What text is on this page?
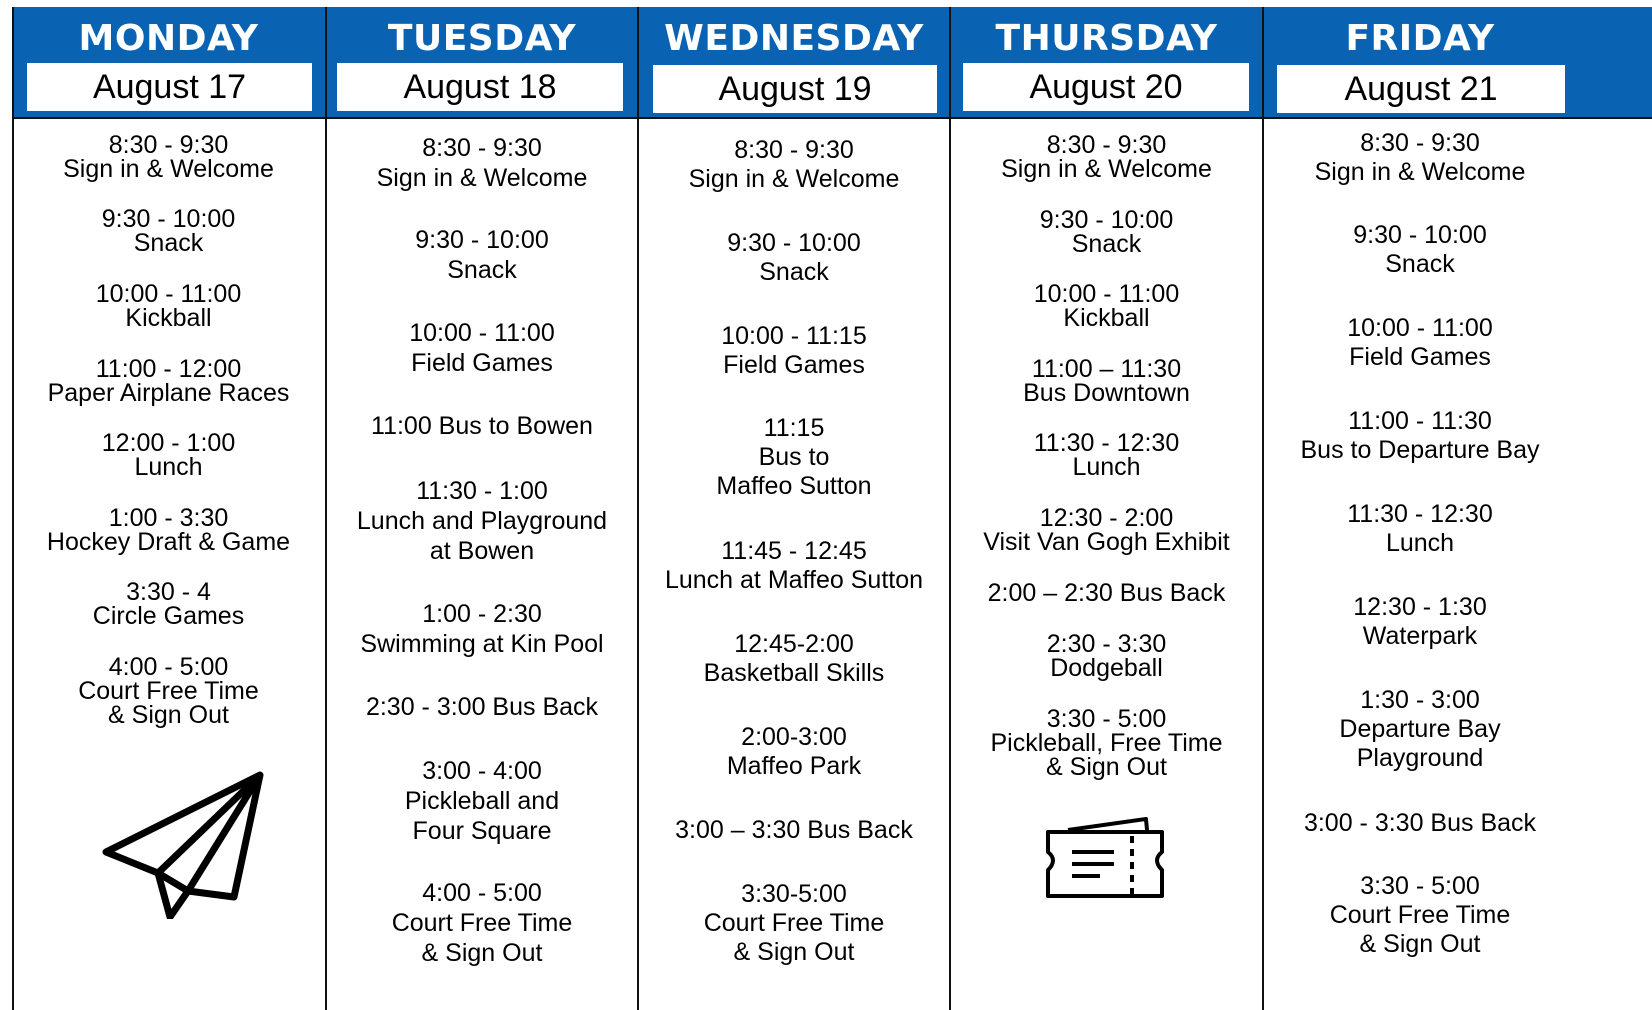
MONDAY
August 17
8:30 - 9:30
Sign in & Welcome
9:30 - 10:00
Snack
10:00 - 11:00
Kickball
11:00 - 12:00
Paper Airplane Races
12:00 - 1:00
Lunch
1:00 - 3:30
Hockey Draft & Game
3:30 - 4
Circle Games
4:00 - 5:00
Court Free Time
& Sign Out
TUESDAY
August 18
8:30 - 9:30
Sign in & Welcome
9:30 - 10:00
Snack
10:00 - 11:00
Field Games
11:00 Bus to Bowen
11:30 - 1:00
Lunch and Playground
at Bowen
1:00 - 2:30
Swimming at Kin Pool
2:30 - 3:00 Bus Back
3:00 - 4:00
Pickleball and
Four Square
4:00 - 5:00
Court Free Time
& Sign Out
WEDNESDAY
August 19
8:30 - 9:30
Sign in & Welcome
9:30 - 10:00
Snack
10:00 - 11:15
Field Games
11:15
Bus to
Maffeo Sutton
11:45 - 12:45
Lunch at Maffeo Sutton
12:45-2:00
Basketball Skills
2:00-3:00
Maffeo Park
3:00 – 3:30 Bus Back
3:30-5:00
Court Free Time
& Sign Out
THURSDAY
August 20
8:30 - 9:30
Sign in & Welcome
9:30 - 10:00
Snack
10:00 - 11:00
Kickball
11:00 – 11:30
Bus Downtown
11:30 - 12:30
Lunch
12:30 - 2:00
Visit Van Gogh Exhibit
2:00 – 2:30 Bus Back
2:30 - 3:30
Dodgeball
3:30 - 5:00
Pickleball, Free Time
& Sign Out
FRIDAY
August 21
8:30 - 9:30
Sign in & Welcome
9:30 - 10:00
Snack
10:00 - 11:00
Field Games
11:00 - 11:30
Bus to Departure Bay
11:30 - 12:30
Lunch
12:30 - 1:30
Waterpark
1:30 - 3:00
Departure Bay
Playground
3:00 - 3:30 Bus Back
3:30 - 5:00
Court Free Time
& Sign Out
